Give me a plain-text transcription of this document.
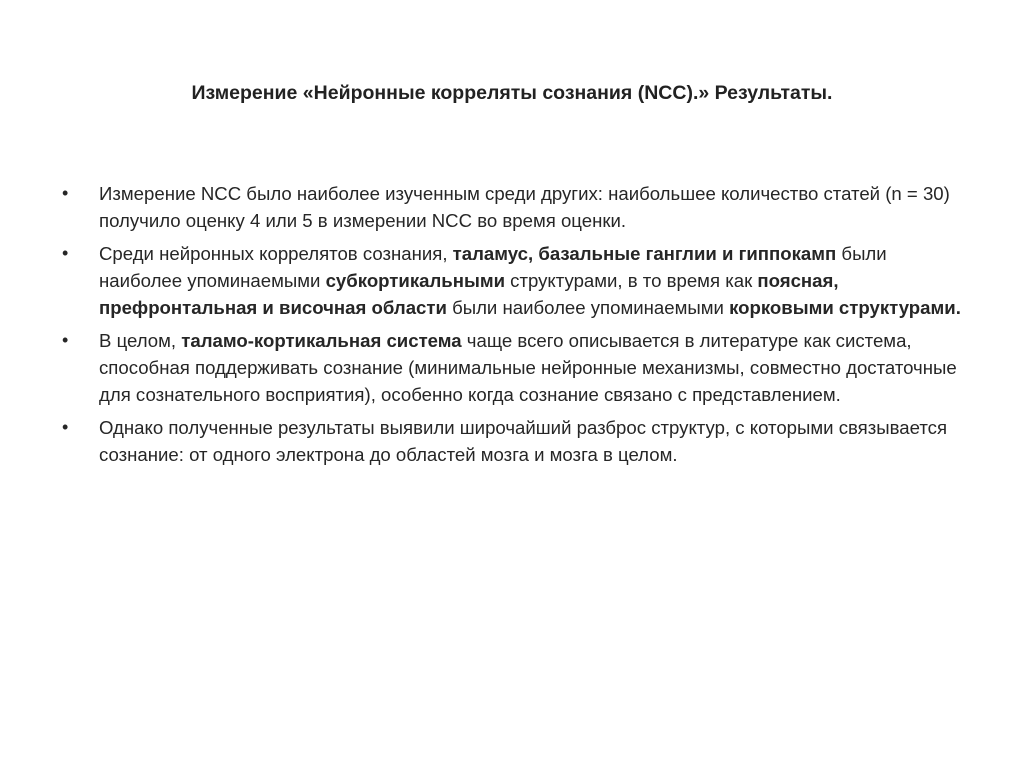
Измерение «Нейронные корреляты сознания (NCC).» Результаты.
•	Измерение NCC было наиболее изученным среди других: наибольшее количество статей (n = 30) получило оценку 4 или 5 в измерении NCC во время оценки.
•	Среди нейронных коррелятов сознания, таламус, базальные ганглии и гиппокамп были наиболее упоминаемыми субкортикальными структурами, в то время как поясная, префронтальная и височная области были наиболее упоминаемыми корковыми структурами.
•	В целом, таламо-кортикальная система чаще всего описывается в литературе как система, способная поддерживать сознание (минимальные нейронные механизмы, совместно достаточные для сознательного восприятия), особенно когда сознание связано с представлением.
•	Однако полученные результаты выявили широчайший разброс структур, с которыми связывается сознание: от одного электрона до областей мозга и мозга в целом.
